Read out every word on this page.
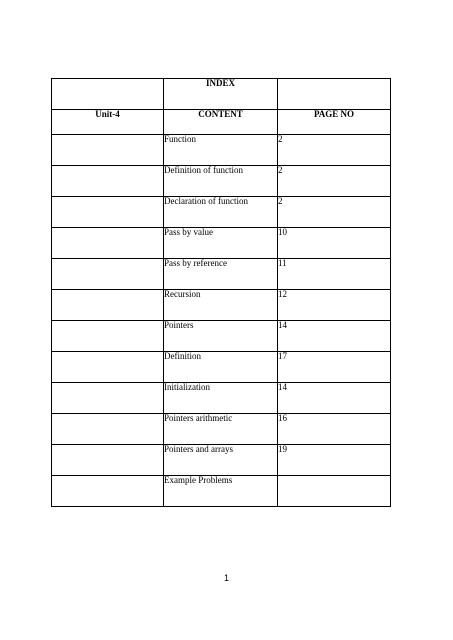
	INDEX	
Unit-4	CONTENT	PAGE NO
	Function	2
	Definition of function	2
	Declaration of function	2
	Pass by value	10
	Pass by reference	11
	Recursion	12
	Pointers	14
	Definition	17
	Initialization	14
	Pointers arithmetic	16
	Pointers and arrays	19
	Example Problems	
1
